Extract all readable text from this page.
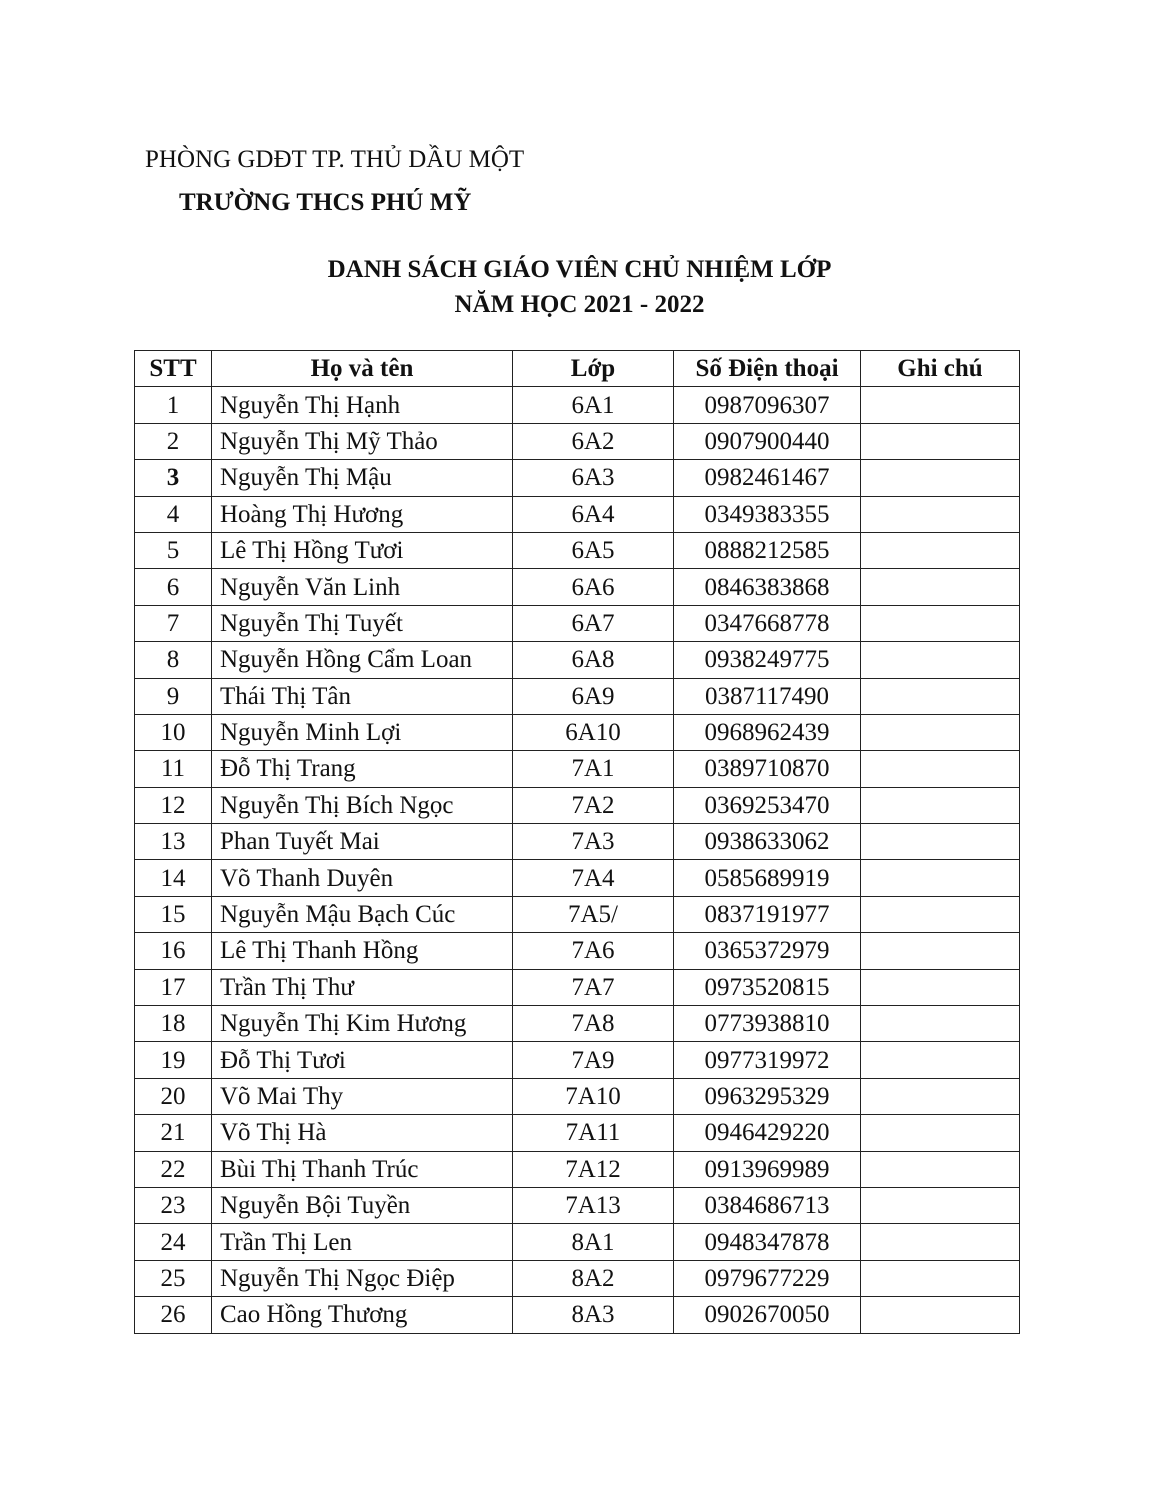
PHÒNG GDĐT TP. THỦ DẦU MỘT
TRƯỜNG THCS PHÚ MỸ
DANH SÁCH GIÁO VIÊN CHỦ NHIỆM LỚP
NĂM HỌC 2021 - 2022
STT	Họ và tên	Lớp	Số Điện thoại	Ghi chú
1	Nguyễn Thị Hạnh	6A1	0987096307	
2	Nguyễn Thị Mỹ Thảo	6A2	0907900440	
3	Nguyễn Thị Mậu	6A3	0982461467	
4	Hoàng Thị Hương	6A4	0349383355	
5	Lê Thị Hồng Tươi	6A5	0888212585	
6	Nguyễn Văn Linh	6A6	0846383868	
7	Nguyễn Thị Tuyết	6A7	0347668778	
8	Nguyễn Hồng Cẩm Loan	6A8	0938249775	
9	Thái Thị Tân	6A9	0387117490	
10	Nguyễn Minh Lợi	6A10	0968962439	
11	Đỗ Thị Trang	7A1	0389710870	
12	Nguyễn Thị Bích Ngọc	7A2	0369253470	
13	Phan Tuyết Mai	7A3	0938633062	
14	Võ Thanh Duyên	7A4	0585689919	
15	Nguyễn Mậu Bạch Cúc	7A5/	0837191977	
16	Lê Thị Thanh Hồng	7A6	0365372979	
17	Trần Thị Thư	7A7	0973520815	
18	Nguyễn Thị Kim Hương	7A8	0773938810	
19	Đỗ Thị Tươi	7A9	0977319972	
20	Võ Mai Thy	7A10	0963295329	
21	Võ Thị Hà	7A11	0946429220	
22	Bùi Thị Thanh Trúc	7A12	0913969989	
23	Nguyễn Bội Tuyền	7A13	0384686713	
24	Trần Thị Len	8A1	0948347878	
25	Nguyễn Thị Ngọc Điệp	8A2	0979677229	
26	Cao Hồng Thương	8A3	0902670050	
